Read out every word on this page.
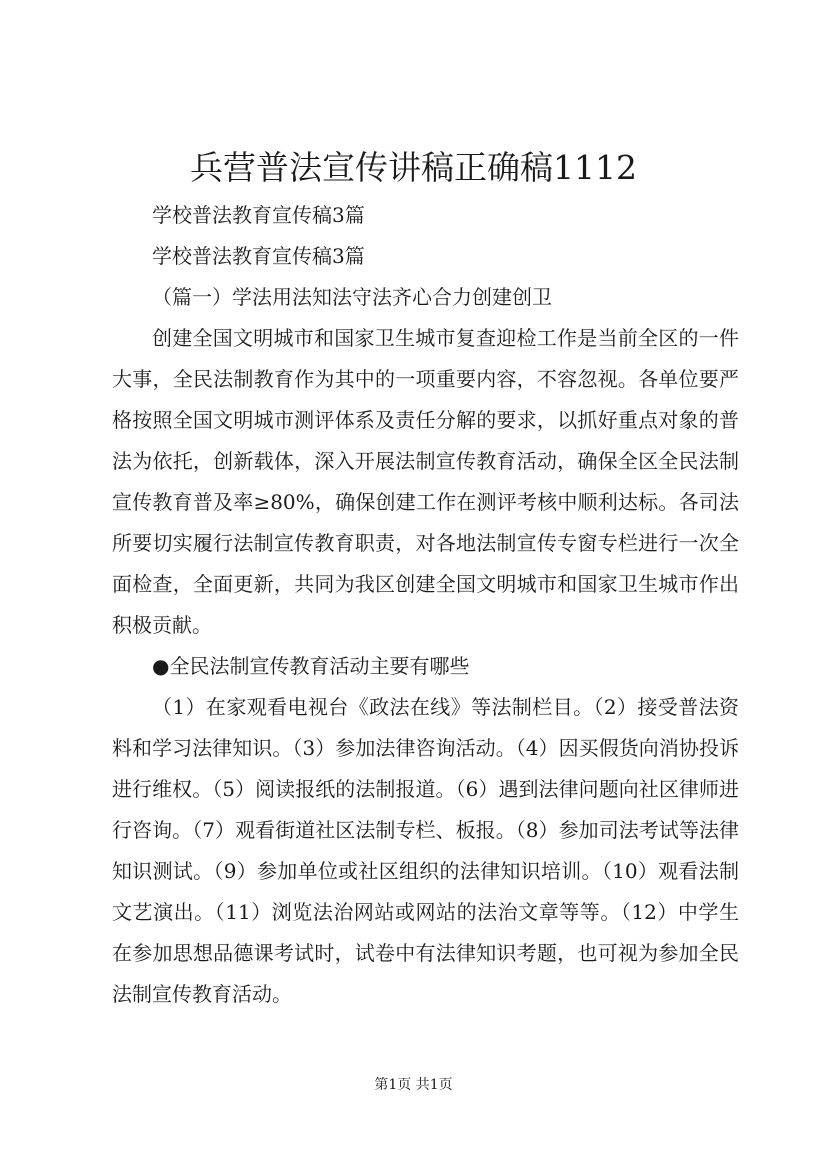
兵营普法宣传讲稿正确稿1112

学校普法教育宣传稿3篇

学校普法教育宣传稿3篇

（篇一）学法用法知法守法齐心合力创建创卫

创建全国文明城市和国家卫生城市复查迎检工作是当前全区的一件大事，全民法制教育作为其中的一项重要内容，不容忽视。各单位要严格按照全国文明城市测评体系及责任分解的要求，以抓好重点对象的普法为依托，创新载体，深入开展法制宣传教育活动，确保全区全民法制宣传教育普及率≥80%，确保创建工作在测评考核中顺利达标。各司法所要切实履行法制宣传教育职责，对各地法制宣传专窗专栏进行一次全面检查，全面更新，共同为我区创建全国文明城市和国家卫生城市作出积极贡献。

●全民法制宣传教育活动主要有哪些

（1）在家观看电视台《政法在线》等法制栏目。（2）接受普法资料和学习法律知识。（3）参加法律咨询活动。（4）因买假货向消协投诉进行维权。（5）阅读报纸的法制报道。（6）遇到法律问题向社区律师进行咨询。（7）观看街道社区法制专栏、板报。（8）参加司法考试等法律知识测试。（9）参加单位或社区组织的法律知识培训。（10）观看法制文艺演出。（11）浏览法治网站或网站的法治文章等等。（12）中学生在参加思想品德课考试时，试卷中有法律知识考题，也可视为参加全民法制宣传教育活动。

第1页 共1页
